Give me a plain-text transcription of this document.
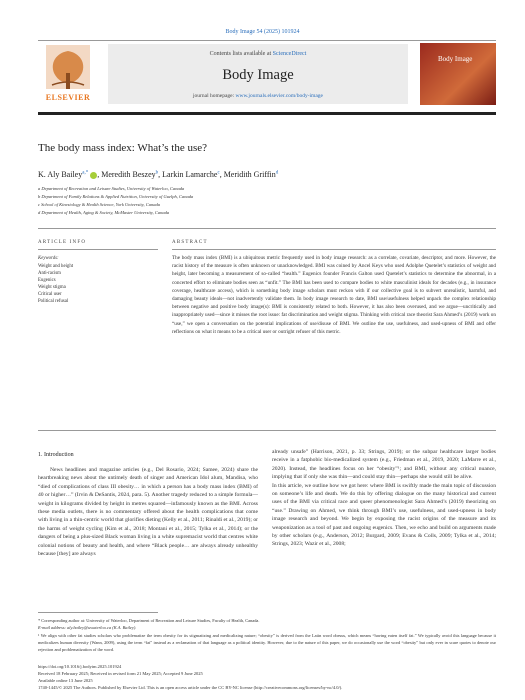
Body Image 54 (2025) 101924
ELSEVIER
Contents lists available at ScienceDirect
Body Image
journal homepage: www.journals.elsevier.com/body-image
Body Image
The body mass index: What’s the use?
K. Aly Bailey$^{a,*}$ , Meredith Beszey$^b$, Larkin Lamarche$^c$, Meridith Griffin$^d$
a Department of Recreation and Leisure Studies, University of Waterloo, Canada
b Department of Family Relations & Applied Nutrition, University of Guelph, Canada
c School of Kinesiology & Health Science, York University, Canada
d Department of Health, Aging & Society, McMaster University, Canada
ARTICLE INFO
Keywords:
Weight and height
Anti-racism
Eugenics
Weight stigma
Critical user
Political refusal
ABSTRACT
The body mass index (BMI) is a ubiquitous metric frequently used in body image research: as a correlate, covariate, descriptor, and more. However, the racist history of the measure is often unknown or unacknowledged. BMI was coined by Ancel Keys who used Adolphe Quetelet’s statistics of weight and height, later becoming a measurement of so-called “health.” Eugenics founder Francis Galton used Quetelet’s statistics to determine the abnormal, in a concerted effort to eliminate bodies seen as “unfit.” The BMI has been used to compare bodies to white masculinist ideals for decades (e.g., in insurance coverage, healthcare access), which is something body image scholars must reckon with if our collective goal is to subvert unrealistic, harmful, and damaging beauty ideals—not inadvertently validate them. In body image research to date, BMI use/usefulness helped unpack the complex relationship between negative and positive body image(s): BMI is consistently related to both. However, it has also been overused, and we argue—uncritically and inappropriately used—since it misses the root issue: fat discrimination and weight stigma. Thinking with critical race theorist Sara Ahmed’s (2019) work on “use,” we open a conversation on the potential implications of use/disuse of BMI. We outline the use, usefulness, and used-upness of BMI and offer reflections on what it means to be a critical user or outright refuser of this metric.
1. Introduction
News headlines and magazine articles (e.g., Del Rosario, 2024; Samee, 2024) share the heartbreaking news about the untimely death of singer and American Idol alum, Mandisa, who “died of complications of class III obesity… in which a person has a body mass index (BMI) of 40 or higher…” (Irvin & DeSantis, 2024, para. 5). Another tragedy reduced to a simple formula—weight in kilograms divided by height in metres squared—infamously known as the BMI. Across these media outlets, there is no commentary offered about the health complications that come with living in a thin-centric world that glorifies dieting (Kelly et al., 2011; Rinaldi et al., 2019); or the harms of weight cycling (Kim et al., 2018; Montani et al., 2015; Tylka et al., 2014); or the dangers of being a plus-sized Black woman living in a white supremacist world that centres white colonial notions of beauty and health, and where “Black people… are always already unhealthy because [they] are always
already unsafe” (Harrison, 2021, p. 33; Strings, 2019); or the subpar healthcare larger bodies receive in a fatphobic bio-medicalized system (e.g., Friedman et al., 2019, 2020; LaMarre et al., 2020). Instead, the headlines focus on her “obesity”¹; and BMI, without any critical nuance, implying that if only she was thin—and could stay thin—perhaps she would still be alive.
In this article, we outline how we got here: where BMI is swiftly made the main topic of discussion on someone’s life and death. We do this by offering dialogue on the many historical and current uses of the BMI via critical race and queer phenomenologist Sara Ahmed’s (2019) theorizing on “use.” Drawing on Ahmed, we think through BMI’s use, usefulness, and used-upness in body image research and beyond. We begin by exposing the racist origins of the measure and its weaponization as a tool of past and ongoing eugenics. Then, we echo and build on arguments made by other scholars (e.g., Anderson, 2012; Burgard, 2009; Evans & Colls, 2009; Tylka et al., 2014; Strings, 2023; Wazir et al., 2008;
* Corresponding author at: University of Waterloo, Department of Recreation and Leisure Studies, Faculty of Health, Canada.
E-mail address: aly.bailey@uwaterloo.ca (K.A. Bailey).
¹ We align with other fat studies scholars who problematize the term obesity for its stigmatizing and medicalizing nature; “obesity” is derived from the Latin word obesus, which means “having eaten itself fat.” We typically avoid this language because it medicalizes human diversity (Wann, 2009), using the term “fat” instead as a reclamation of that language as a political identity. However, due to the nature of this paper, we do occasionally use the word “obesity” but only ever in scare quotes to denote our rejection and problematization of the word.
https://doi.org/10.1016/j.bodyim.2025.101924
Received 18 February 2025; Received in revised form 21 May 2025; Accepted 9 June 2025
Available online 13 June 2025
1740-1445/© 2025 The Authors. Published by Elsevier Ltd. This is an open access article under the CC BY-NC license (http://creativecommons.org/licenses/by-nc/4.0/).
